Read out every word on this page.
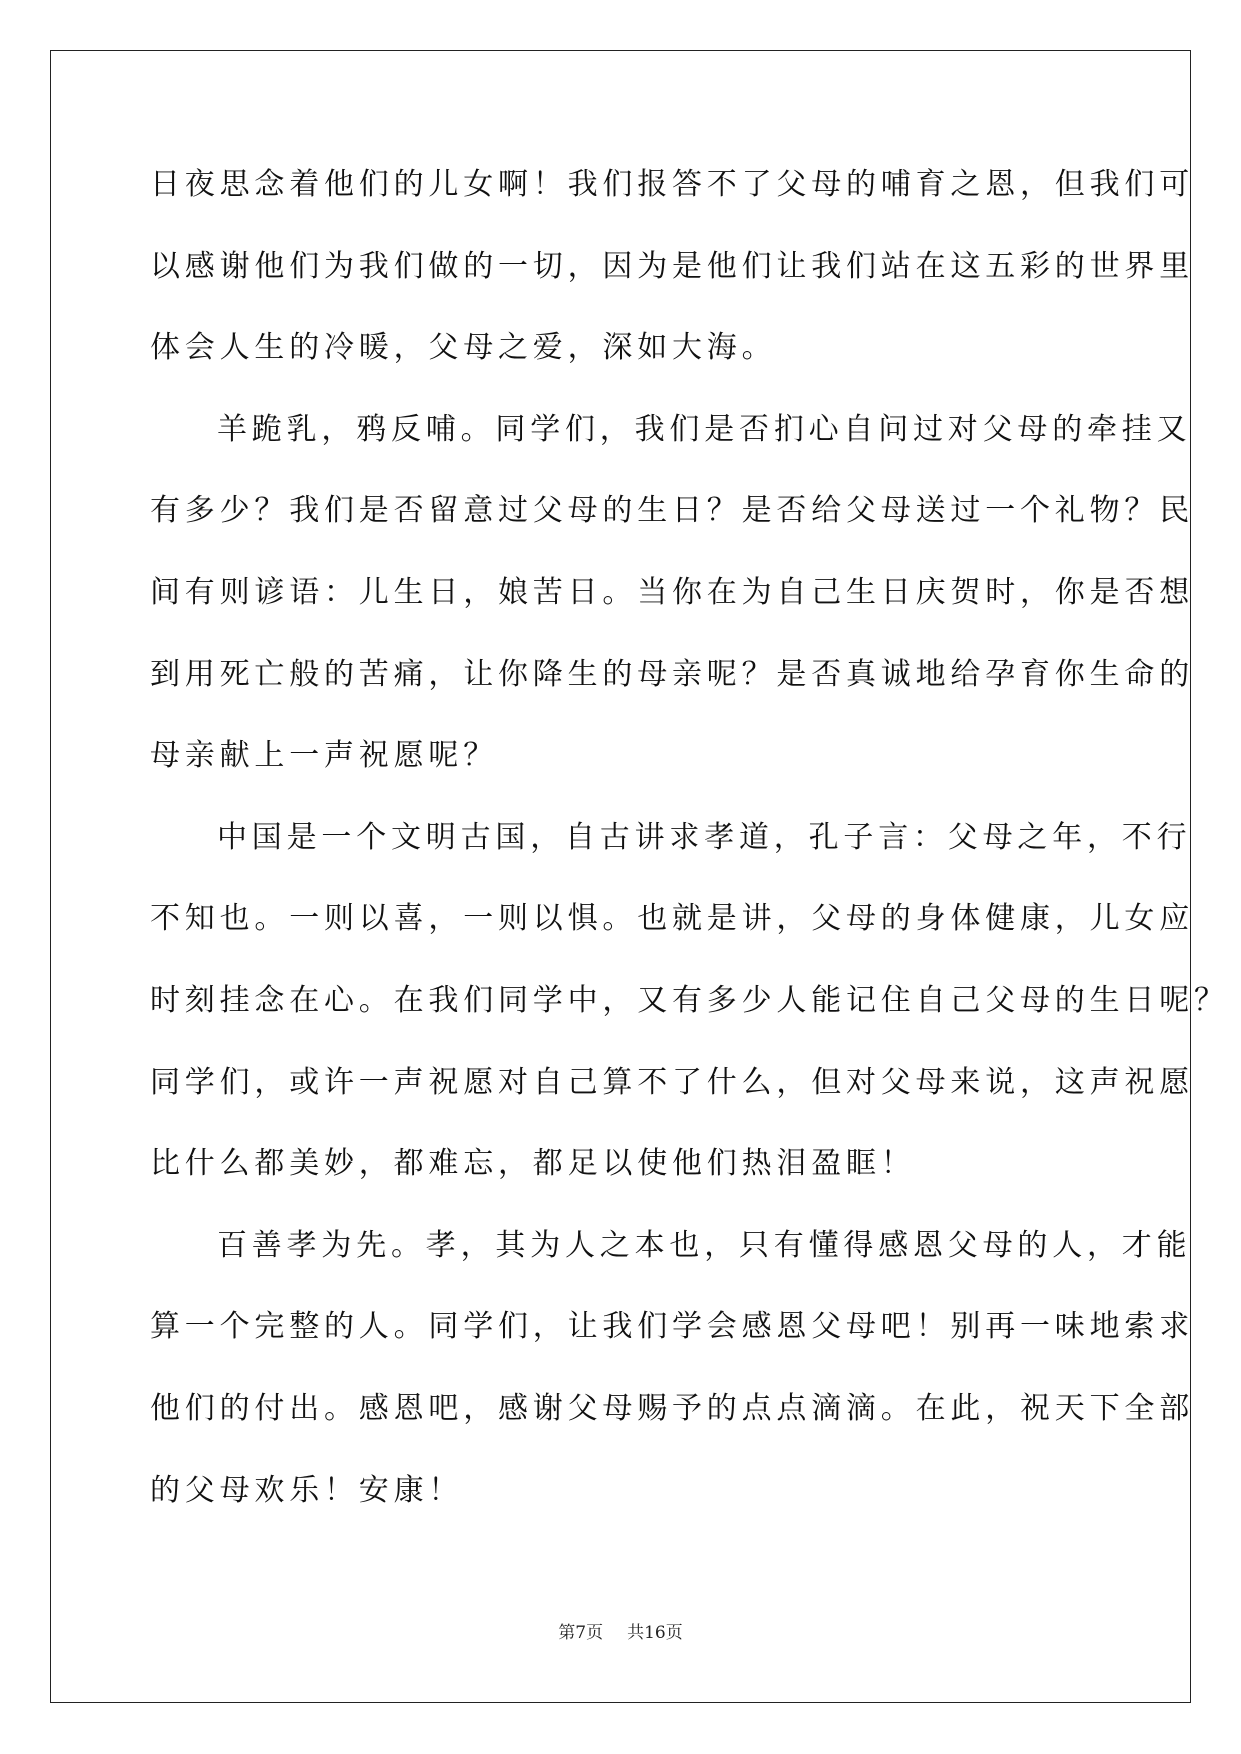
日夜思念着他们的儿女啊！我们报答不了父母的哺育之恩，但我们可
以感谢他们为我们做的一切，因为是他们让我们站在这五彩的世界里
体会人生的冷暖，父母之爱，深如大海。
羊跪乳，鸦反哺。同学们，我们是否扪心自问过对父母的牵挂又
有多少？我们是否留意过父母的生日？是否给父母送过一个礼物？民
间有则谚语：儿生日，娘苦日。当你在为自己生日庆贺时，你是否想
到用死亡般的苦痛，让你降生的母亲呢？是否真诚地给孕育你生命的
母亲献上一声祝愿呢？
中国是一个文明古国，自古讲求孝道，孔子言：父母之年，不行
不知也。一则以喜，一则以惧。也就是讲，父母的身体健康，儿女应
时刻挂念在心。在我们同学中，又有多少人能记住自己父母的生日呢？
同学们，或许一声祝愿对自己算不了什么，但对父母来说，这声祝愿
比什么都美妙，都难忘，都足以使他们热泪盈眶！
百善孝为先。孝，其为人之本也，只有懂得感恩父母的人，才能
算一个完整的人。同学们，让我们学会感恩父母吧！别再一味地索求
他们的付出。感恩吧，感谢父母赐予的点点滴滴。在此，祝天下全部
的父母欢乐！安康！
第7页 共16页
